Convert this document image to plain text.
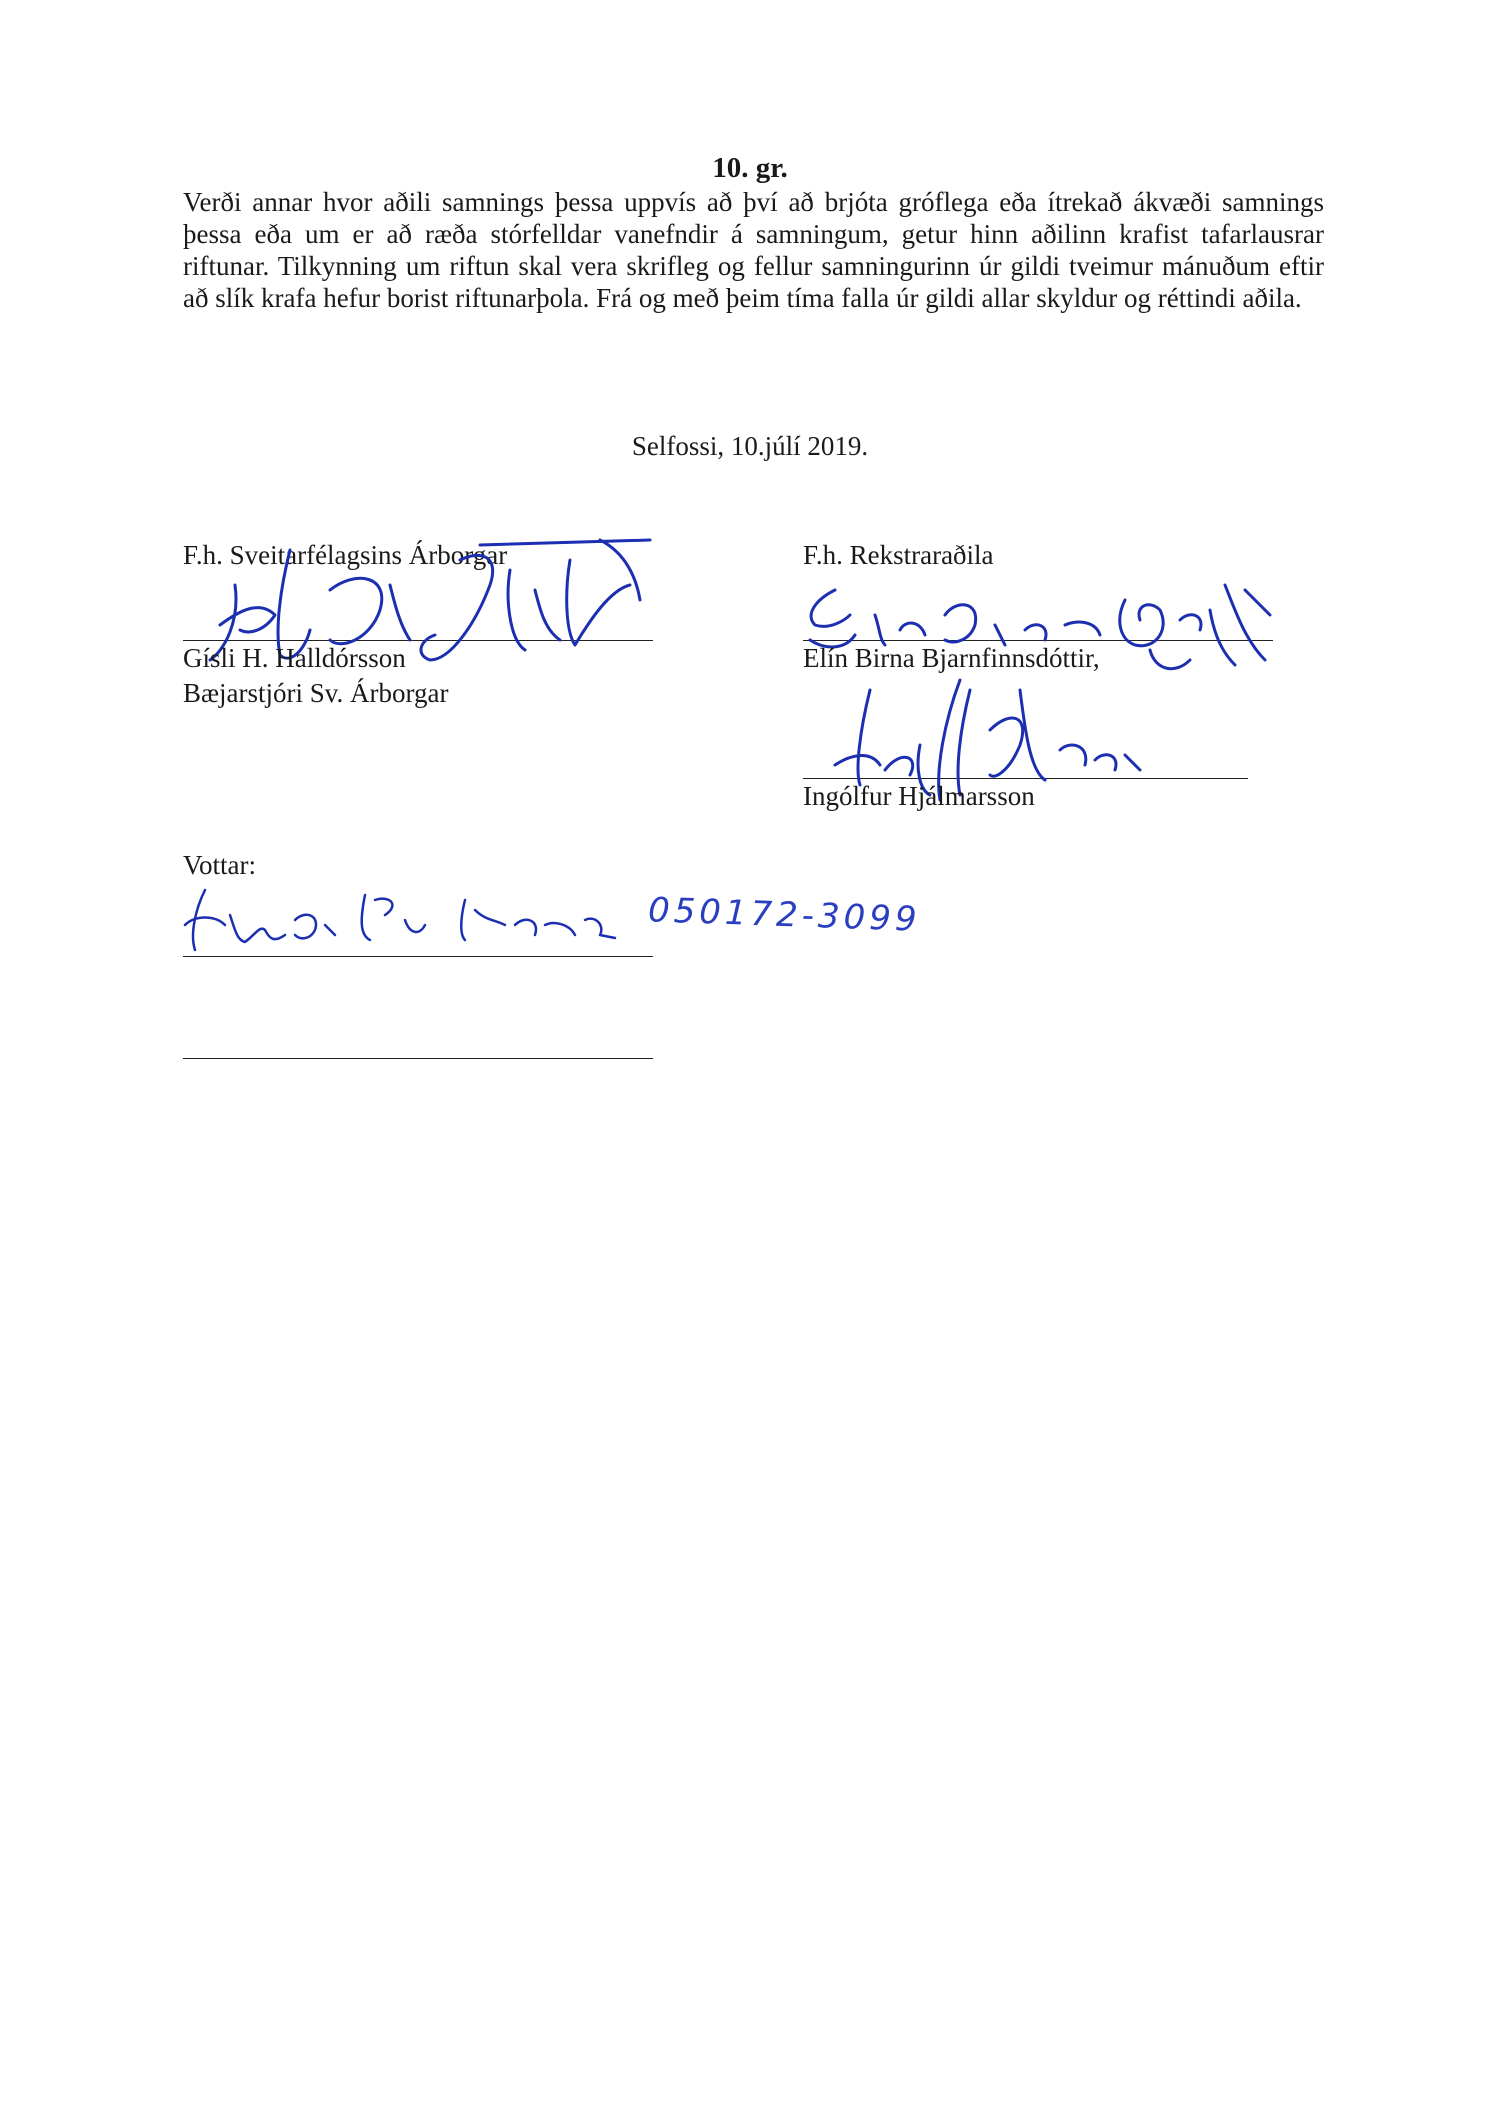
10. gr.
Verði annar hvor aðili samnings þessa uppvís að því að brjóta gróflega eða ítrekað ákvæði samnings þessa eða um er að ræða stórfelldar vanefndir á samningum, getur hinn aðilinn krafist tafarlausrar riftunar. Tilkynning um riftun skal vera skrifleg og fellur samningurinn úr gildi tveimur mánuðum eftir að slík krafa hefur borist riftunarþola. Frá og með þeim tíma falla úr gildi allar skyldur og réttindi aðila.
Selfossi, 10.júlí 2019.
F.h. Sveitarfélagsins Árborgar
Gísli H. Halldórsson
Bæjarstjóri Sv. Árborgar
F.h. Rekstraraðila
Elín Birna Bjarnfinnsdóttir,
Ingólfur Hjálmarsson
Vottar:
050172-3099
